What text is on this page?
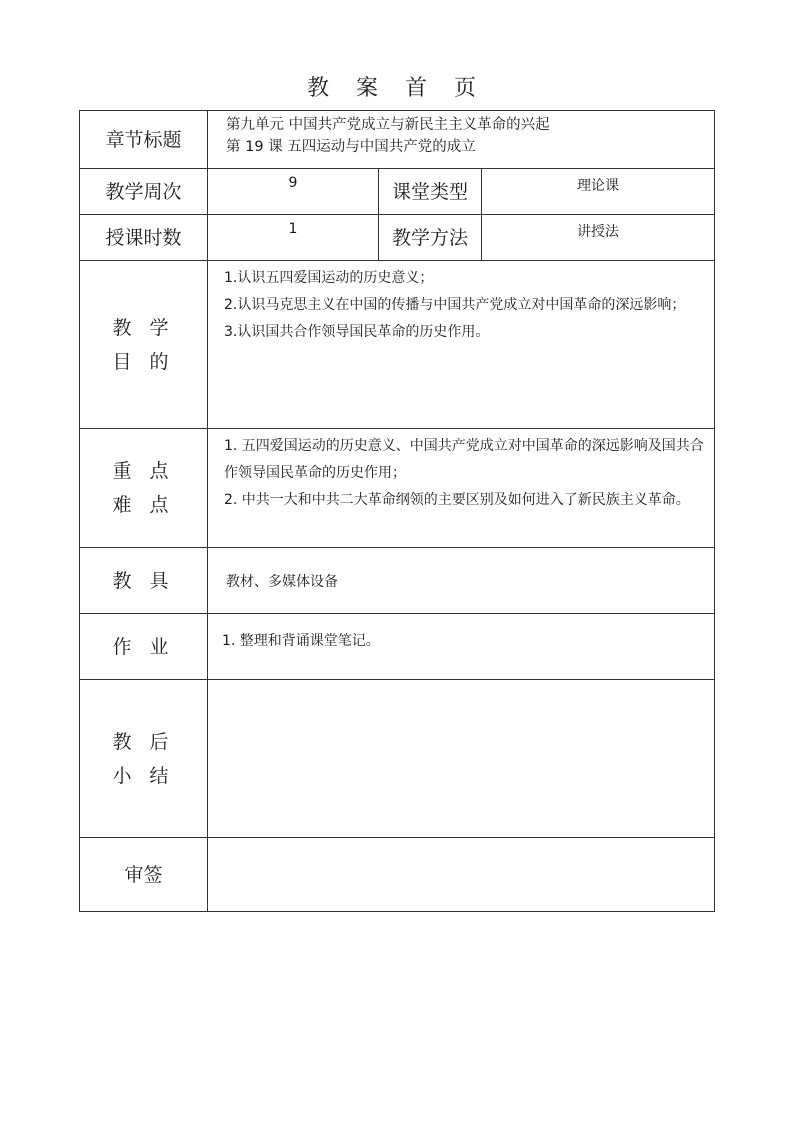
教 案 首 页
章节标题	第九单元 中国共产党成立与新民主主义革命的兴起
第 19 课 五四运动与中国共产党的成立		

教学周次	9	课堂类型	理论课
授课时数	1	教学方法	讲授法

教 学
目 的	1.认识五四爱国运动的历史意义；
2.认识马克思主义在中国的传播与中国共产党成立对中国革命的深远影响；
3.认识国共合作领导国民革命的历史作用。		

重 点
难 点	1. 五四爱国运动的历史意义、中国共产党成立对中国革命的深远影响及国共合作领导国民革命的历史作用；
2. 中共一大和中共二大革命纲领的主要区别及如何进入了新民族主义革命。		

教 具	教材、多媒体设备		
作 业	1. 整理和背诵课堂笔记。		

教 后
小 结			

审签			
